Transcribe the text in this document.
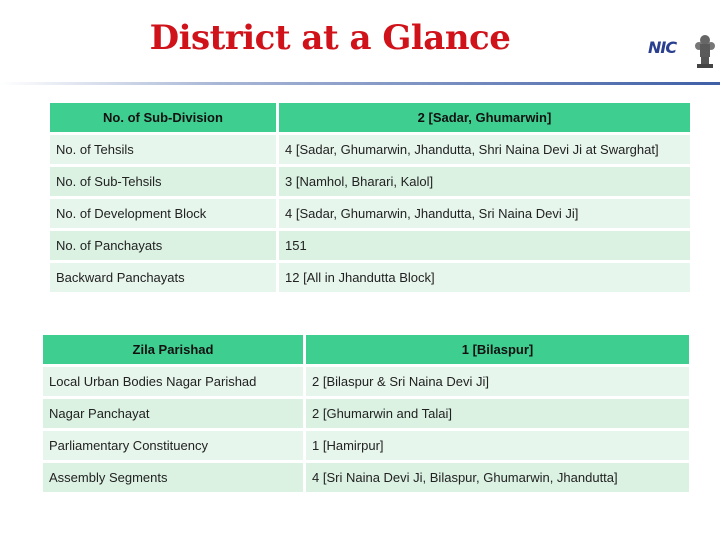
District at a Glance	NIC
No. of Sub-Division	2 [Sadar, Ghumarwin]
No. of Tehsils	4 [Sadar, Ghumarwin, Jhandutta, Shri Naina Devi Ji at Swarghat]
No. of Sub-Tehsils	3 [Namhol, Bharari, Kalol]
No. of Development Block	4 [Sadar, Ghumarwin, Jhandutta, Sri Naina Devi Ji]
No. of Panchayats	151
Backward Panchayats	12 [All in Jhandutta Block]
Zila Parishad	1 [Bilaspur]
Local Urban Bodies Nagar Parishad	2 [Bilaspur & Sri Naina Devi Ji]
Nagar Panchayat	2 [Ghumarwin and Talai]
Parliamentary Constituency	1 [Hamirpur]
Assembly Segments	4 [Sri Naina Devi Ji, Bilaspur, Ghumarwin, Jhandutta]
